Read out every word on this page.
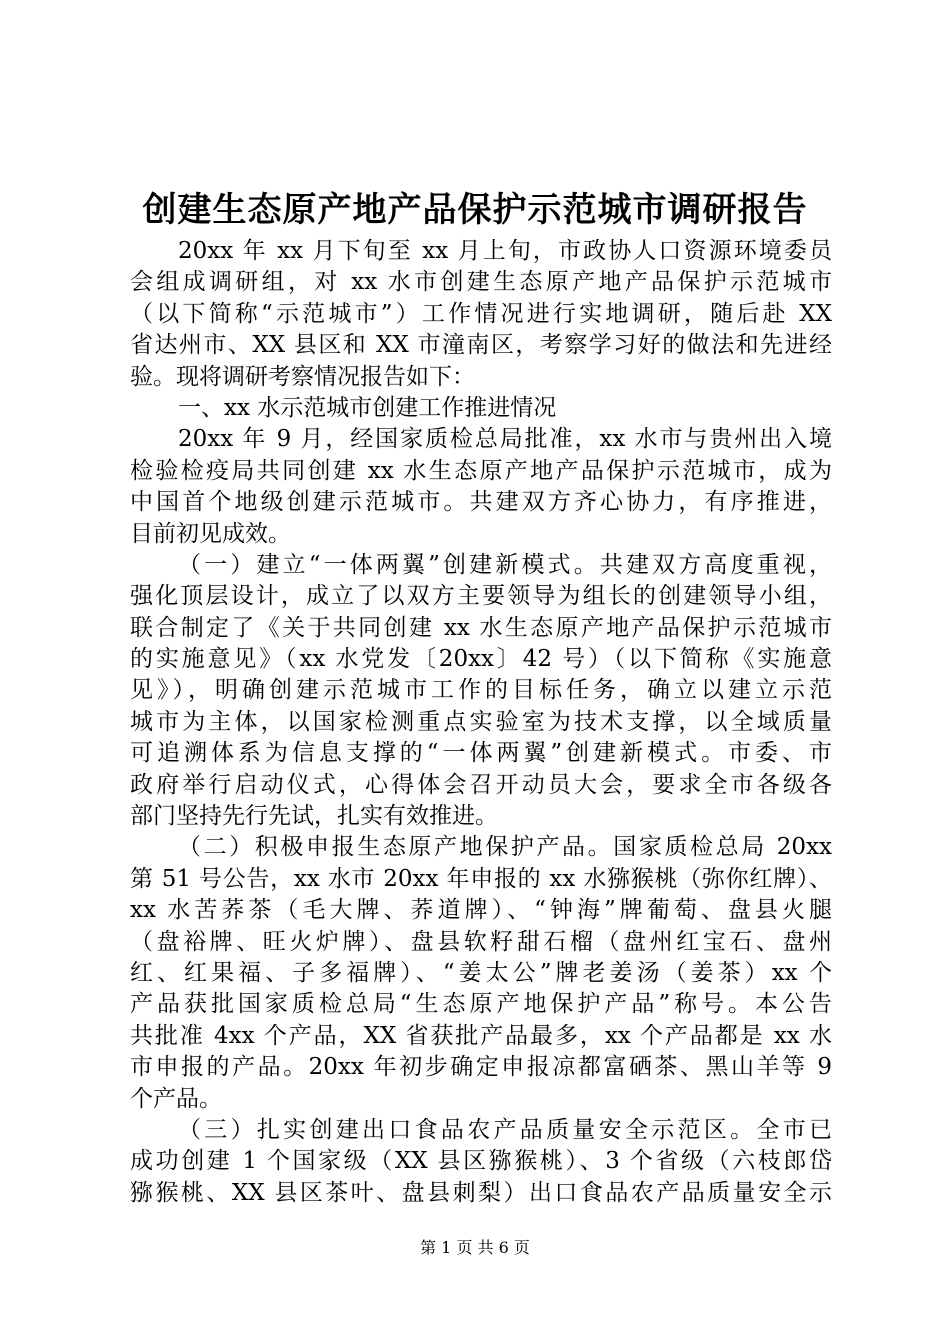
创建生态原产地产品保护示范城市调研报告
20xx 年 xx 月下旬至 xx 月上旬，市政协人口资源环境委员
会组成调研组，对 xx 水市创建生态原产地产品保护示范城市
（以下简称“示范城市”）工作情况进行实地调研，随后赴 XX
省达州市、XX 县区和 XX 市潼南区，考察学习好的做法和先进经
验。现将调研考察情况报告如下：
一、xx 水示范城市创建工作推进情况
20xx 年 9 月，经国家质检总局批准，xx 水市与贵州出入境
检验检疫局共同创建 xx 水生态原产地产品保护示范城市，成为
中国首个地级创建示范城市。共建双方齐心协力，有序推进，
目前初见成效。
（一）建立“一体两翼”创建新模式。共建双方高度重视，
强化顶层设计，成立了以双方主要领导为组长的创建领导小组，
联合制定了《关于共同创建 xx 水生态原产地产品保护示范城市
的实施意见》（xx 水党发〔20xx〕42 号）（以下简称《实施意
见》），明确创建示范城市工作的目标任务，确立以建立示范
城市为主体，以国家检测重点实验室为技术支撑，以全域质量
可追溯体系为信息支撑的“一体两翼”创建新模式。市委、市
政府举行启动仪式，心得体会召开动员大会，要求全市各级各
部门坚持先行先试，扎实有效推进。
（二）积极申报生态原产地保护产品。国家质检总局 20xx
第 51 号公告，xx 水市 20xx 年申报的 xx 水猕猴桃（弥你红牌）、
xx 水苦荞茶（毛大牌、荞道牌）、“钟海”牌葡萄、盘县火腿
（盘裕牌、旺火炉牌）、盘县软籽甜石榴（盘州红宝石、盘州
红、红果福、子多福牌）、“姜太公”牌老姜汤（姜茶）xx 个
产品获批国家质检总局“生态原产地保护产品”称号。本公告
共批准 4xx 个产品，XX 省获批产品最多，xx 个产品都是 xx 水
市申报的产品。20xx 年初步确定申报凉都富硒茶、黑山羊等 9
个产品。
（三）扎实创建出口食品农产品质量安全示范区。全市已
成功创建 1 个国家级（XX 县区猕猴桃）、3 个省级（六枝郎岱
猕猴桃、XX 县区茶叶、盘县刺梨）出口食品农产品质量安全示
第 1 页 共 6 页
